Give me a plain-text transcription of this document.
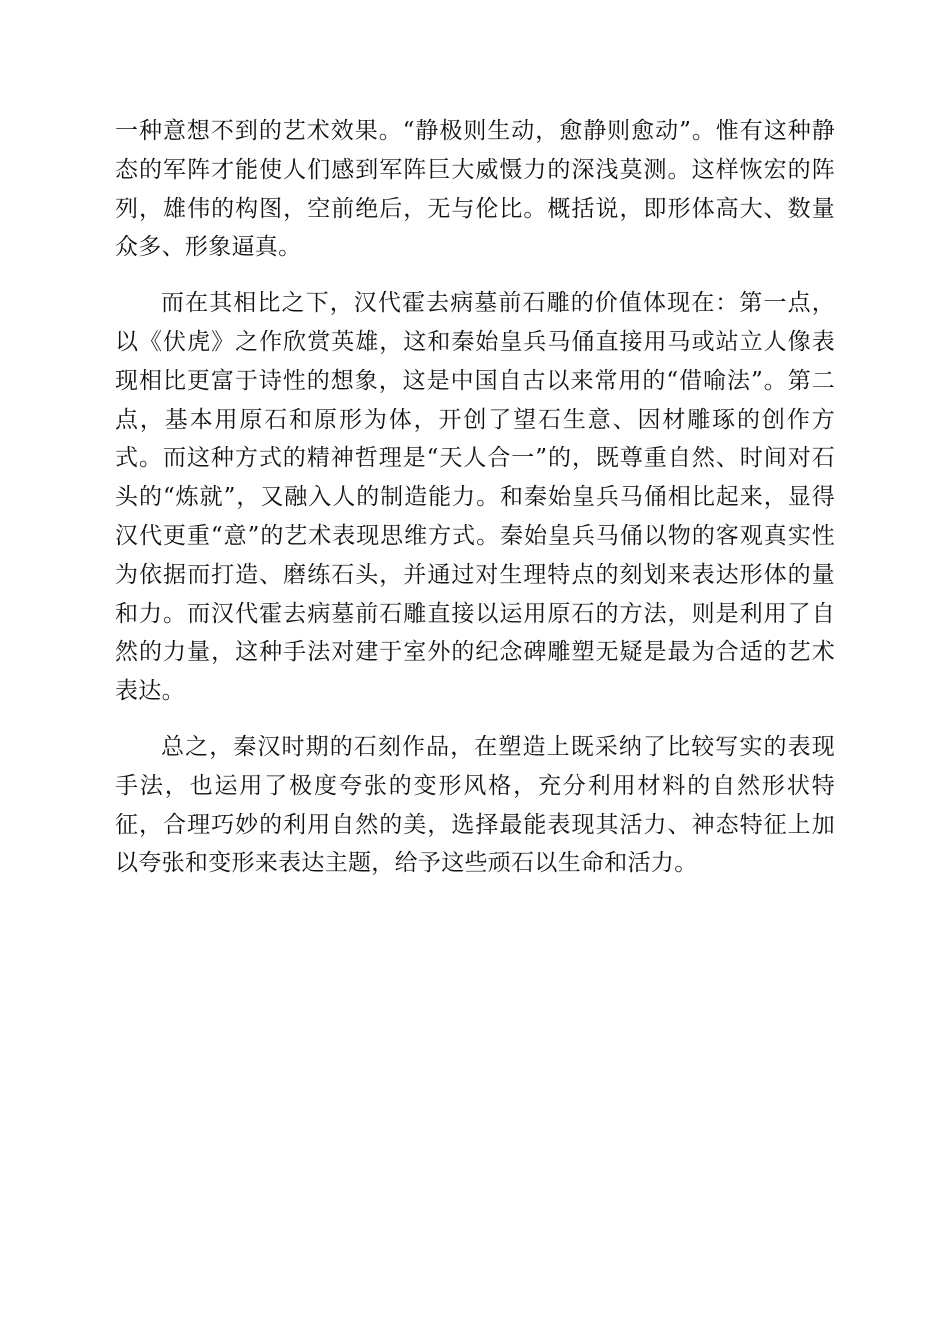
一种意想不到的艺术效果。“静极则生动，愈静则愈动”。惟有这种静态的军阵才能使人们感到军阵巨大威慑力的深浅莫测。这样恢宏的阵列，雄伟的构图，空前绝后，无与伦比。概括说，即形体高大、数量众多、形象逼真。

而在其相比之下，汉代霍去病墓前石雕的价值体现在：第一点，以《伏虎》之作欣赏英雄，这和秦始皇兵马俑直接用马或站立人像表现相比更富于诗性的想象，这是中国自古以来常用的“借喻法”。第二点，基本用原石和原形为体，开创了望石生意、因材雕琢的创作方式。而这种方式的精神哲理是“天人合一”的，既尊重自然、时间对石头的“炼就”，又融入人的制造能力。和秦始皇兵马俑相比起来，显得汉代更重“意”的艺术表现思维方式。秦始皇兵马俑以物的客观真实性为依据而打造、磨练石头，并通过对生理特点的刻划来表达形体的量和力。而汉代霍去病墓前石雕直接以运用原石的方法，则是利用了自然的力量，这种手法对建于室外的纪念碑雕塑无疑是最为合适的艺术表达。

总之，秦汉时期的石刻作品，在塑造上既采纳了比较写实的表现手法，也运用了极度夸张的变形风格，充分利用材料的自然形状特征，合理巧妙的利用自然的美，选择最能表现其活力、神态特征上加以夸张和变形来表达主题，给予这些顽石以生命和活力。
